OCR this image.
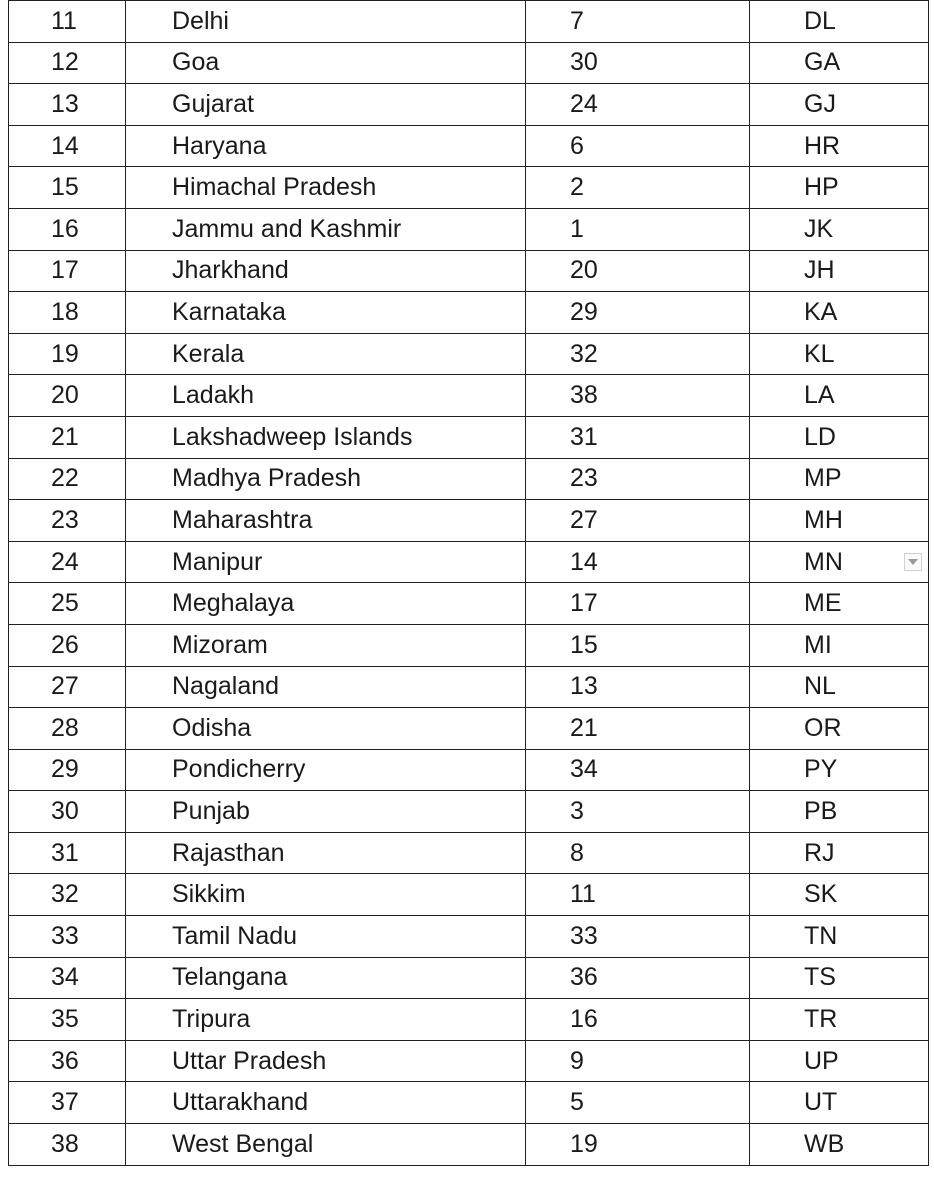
11	Delhi	7	DL
12	Goa	30	GA
13	Gujarat	24	GJ
14	Haryana	6	HR
15	Himachal Pradesh	2	HP
16	Jammu and Kashmir	1	JK
17	Jharkhand	20	JH
18	Karnataka	29	KA
19	Kerala	32	KL
20	Ladakh	38	LA
21	Lakshadweep Islands	31	LD
22	Madhya Pradesh	23	MP
23	Maharashtra	27	MH
24	Manipur	14	MN

25	Meghalaya	17	ME
26	Mizoram	15	MI
27	Nagaland	13	NL
28	Odisha	21	OR
29	Pondicherry	34	PY
30	Punjab	3	PB
31	Rajasthan	8	RJ
32	Sikkim	11	SK
33	Tamil Nadu	33	TN
34	Telangana	36	TS
35	Tripura	16	TR
36	Uttar Pradesh	9	UP
37	Uttarakhand	5	UT
38	West Bengal	19	WB
